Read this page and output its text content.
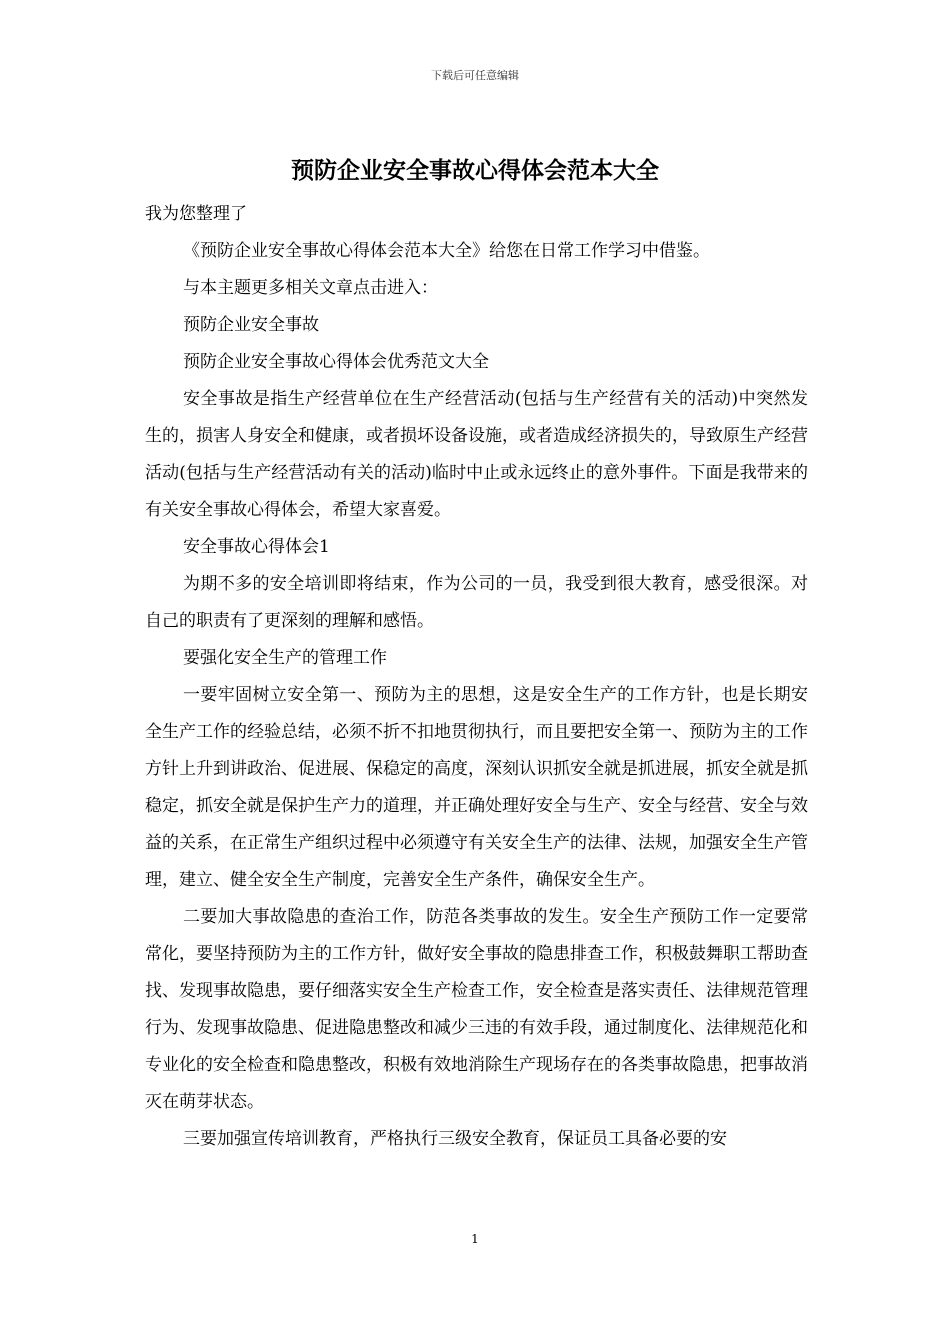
下载后可任意编辑
预防企业安全事故心得体会范本大全

我为您整理了

《预防企业安全事故心得体会范本大全》给您在日常工作学习中借鉴。

与本主题更多相关文章点击进入：

预防企业安全事故

预防企业安全事故心得体会优秀范文大全

安全事故是指生产经营单位在生产经营活动(包括与生产经营有关的活动)中突然发生的，损害人身安全和健康，或者损坏设备设施，或者造成经济损失的，导致原生产经营活动(包括与生产经营活动有关的活动)临时中止或永远终止的意外事件。下面是我带来的有关安全事故心得体会，希望大家喜爱。

安全事故心得体会1

为期不多的安全培训即将结束，作为公司的一员，我受到很大教育，感受很深。对自己的职责有了更深刻的理解和感悟。

要强化安全生产的管理工作

一要牢固树立安全第一、预防为主的思想，这是安全生产的工作方针，也是长期安全生产工作的经验总结，必须不折不扣地贯彻执行，而且要把安全第一、预防为主的工作方针上升到讲政治、促进展、保稳定的高度，深刻认识抓安全就是抓进展，抓安全就是抓稳定，抓安全就是保护生产力的道理，并正确处理好安全与生产、安全与经营、安全与效益的关系，在正常生产组织过程中必须遵守有关安全生产的法律、法规，加强安全生产管理，建立、健全安全生产制度，完善安全生产条件，确保安全生产。

二要加大事故隐患的查治工作，防范各类事故的发生。安全生产预防工作一定要常常化，要坚持预防为主的工作方针，做好安全事故的隐患排查工作，积极鼓舞职工帮助查找、发现事故隐患，要仔细落实安全生产检查工作，安全检查是落实责任、法律规范管理行为、发现事故隐患、促进隐患整改和减少三违的有效手段，通过制度化、法律规范化和专业化的安全检查和隐患整改，积极有效地消除生产现场存在的各类事故隐患，把事故消灭在萌芽状态。

三要加强宣传培训教育，严格执行三级安全教育，保证员工具备必要的安

1
